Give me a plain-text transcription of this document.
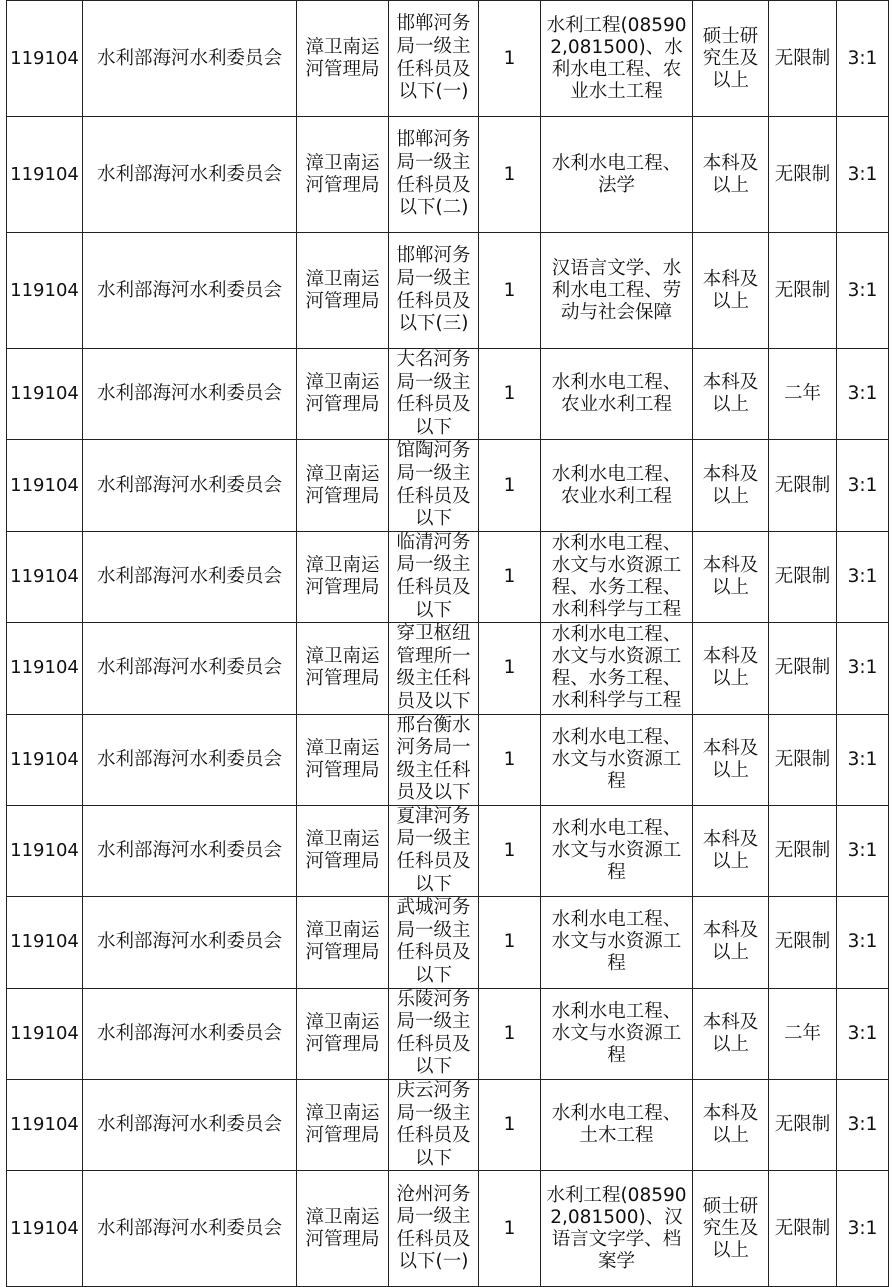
119104	水利部海河水利委员会	漳卫南运河管理局	邯郸河务局一级主任科员及以下(一)	1	水利工程(085902,081500)、水利水电工程、农业水土工程	硕士研究生及以上	无限制	3:1
119104	水利部海河水利委员会	漳卫南运河管理局	邯郸河务局一级主任科员及以下(二)	1	水利水电工程、法学	本科及以上	无限制	3:1
119104	水利部海河水利委员会	漳卫南运河管理局	邯郸河务局一级主任科员及以下(三)	1	汉语言文学、水利水电工程、劳动与社会保障	本科及以上	无限制	3:1
119104	水利部海河水利委员会	漳卫南运河管理局	大名河务局一级主任科员及以下	1	水利水电工程、农业水利工程	本科及以上	二年	3:1
119104	水利部海河水利委员会	漳卫南运河管理局	馆陶河务局一级主任科员及以下	1	水利水电工程、农业水利工程	本科及以上	无限制	3:1
119104	水利部海河水利委员会	漳卫南运河管理局	临清河务局一级主任科员及以下	1	水利水电工程、水文与水资源工程、水务工程、水利科学与工程	本科及以上	无限制	3:1
119104	水利部海河水利委员会	漳卫南运河管理局	穿卫枢纽管理所一级主任科员及以下	1	水利水电工程、水文与水资源工程、水务工程、水利科学与工程	本科及以上	无限制	3:1
119104	水利部海河水利委员会	漳卫南运河管理局	邢台衡水河务局一级主任科员及以下	1	水利水电工程、水文与水资源工程	本科及以上	无限制	3:1
119104	水利部海河水利委员会	漳卫南运河管理局	夏津河务局一级主任科员及以下	1	水利水电工程、水文与水资源工程	本科及以上	无限制	3:1
119104	水利部海河水利委员会	漳卫南运河管理局	武城河务局一级主任科员及以下	1	水利水电工程、水文与水资源工程	本科及以上	无限制	3:1
119104	水利部海河水利委员会	漳卫南运河管理局	乐陵河务局一级主任科员及以下	1	水利水电工程、水文与水资源工程	本科及以上	二年	3:1
119104	水利部海河水利委员会	漳卫南运河管理局	庆云河务局一级主任科员及以下	1	水利水电工程、土木工程	本科及以上	无限制	3:1
119104	水利部海河水利委员会	漳卫南运河管理局	沧州河务局一级主任科员及以下(一)	1	水利工程(085902,081500)、汉语言文字学、档案学	硕士研究生及以上	无限制	3:1
